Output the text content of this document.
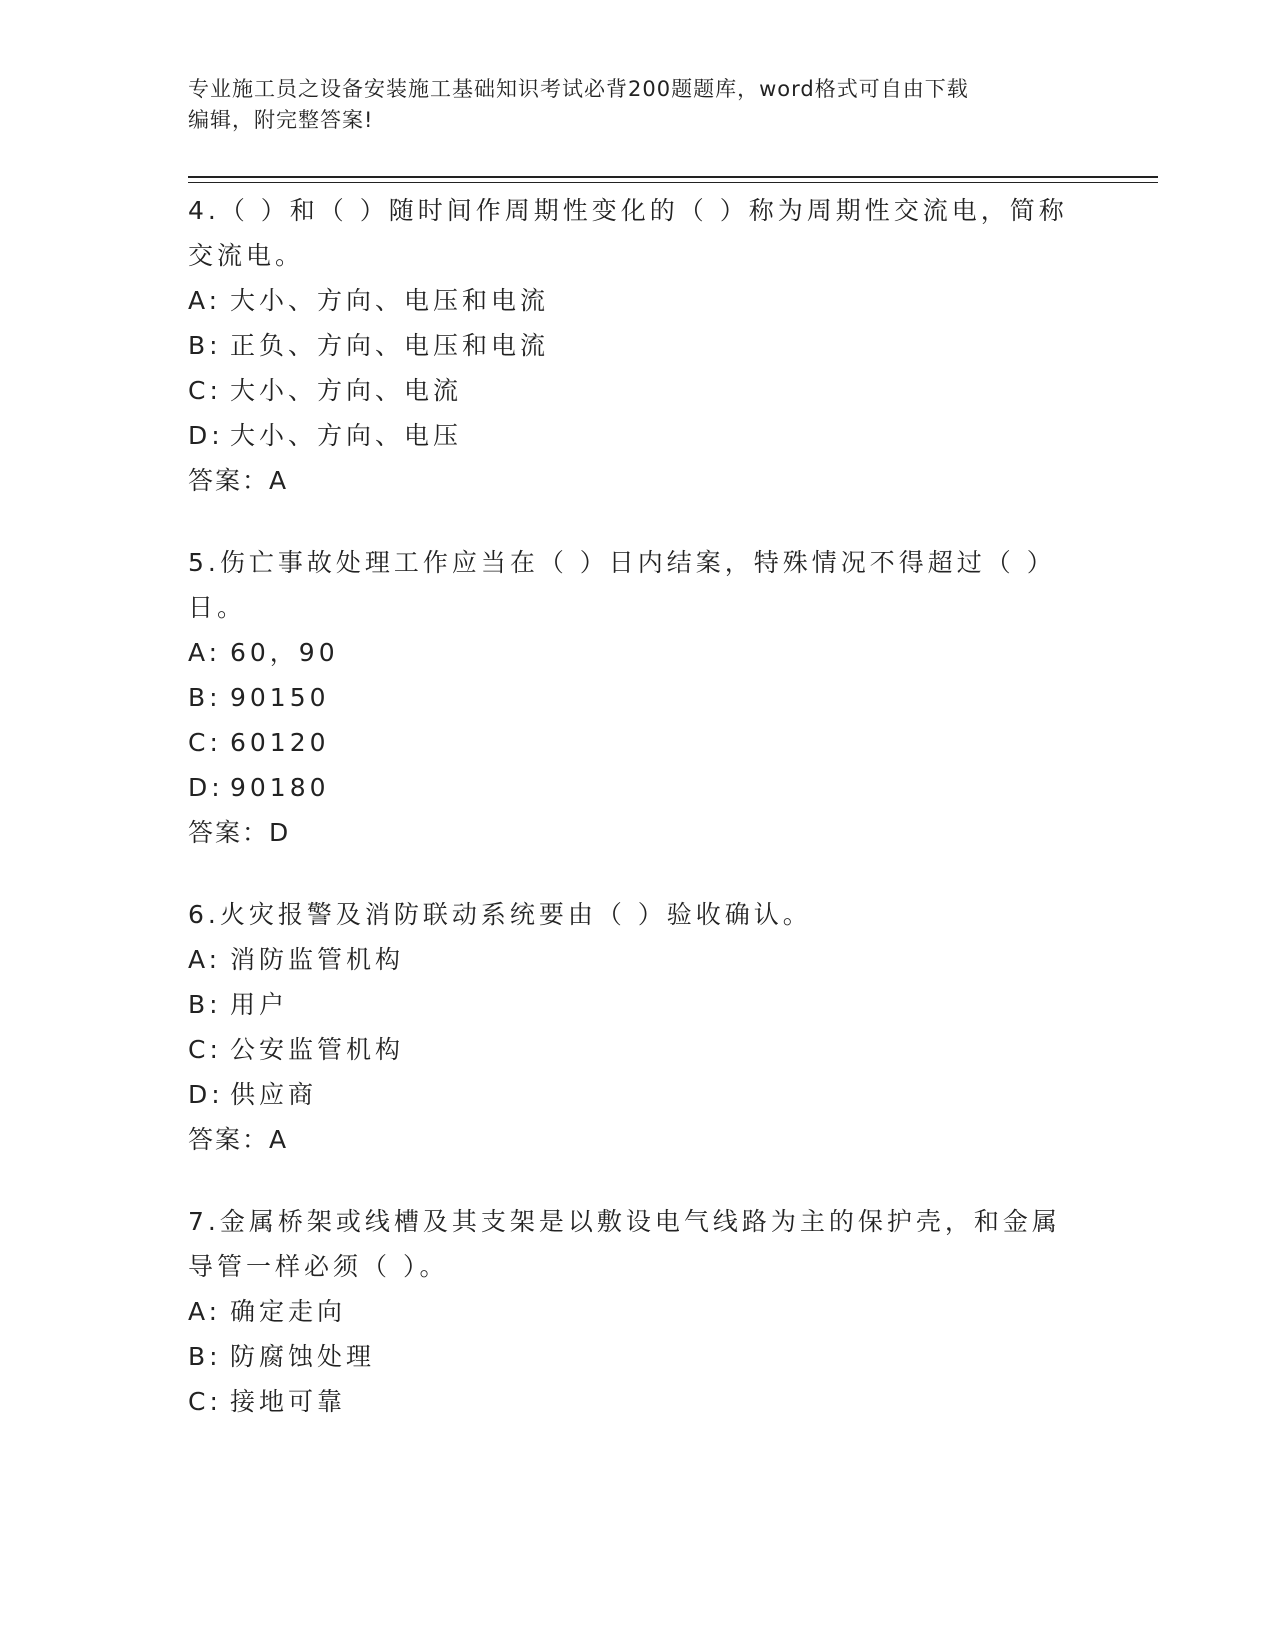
专业施工员之设备安装施工基础知识考试必背200题题库，word格式可自由下载
编辑，附完整答案!
4.（ ）和（ ）随时间作周期性变化的（ ）称为周期性交流电，简称
交流电。
A: 大小、方向、电压和电流
B: 正负、方向、电压和电流
C: 大小、方向、电流
D: 大小、方向、电压
答案：A
5.伤亡事故处理工作应当在（ ）日内结案，特殊情况不得超过（ ）
日。
A: 60，90
B: 90150
C: 60120
D: 90180
答案：D
6.火灾报警及消防联动系统要由（ ）验收确认。
A: 消防监管机构
B: 用户
C: 公安监管机构
D: 供应商
答案：A
7.金属桥架或线槽及其支架是以敷设电气线路为主的保护壳，和金属
导管一样必须（ ）。
A: 确定走向
B: 防腐蚀处理
C: 接地可靠
